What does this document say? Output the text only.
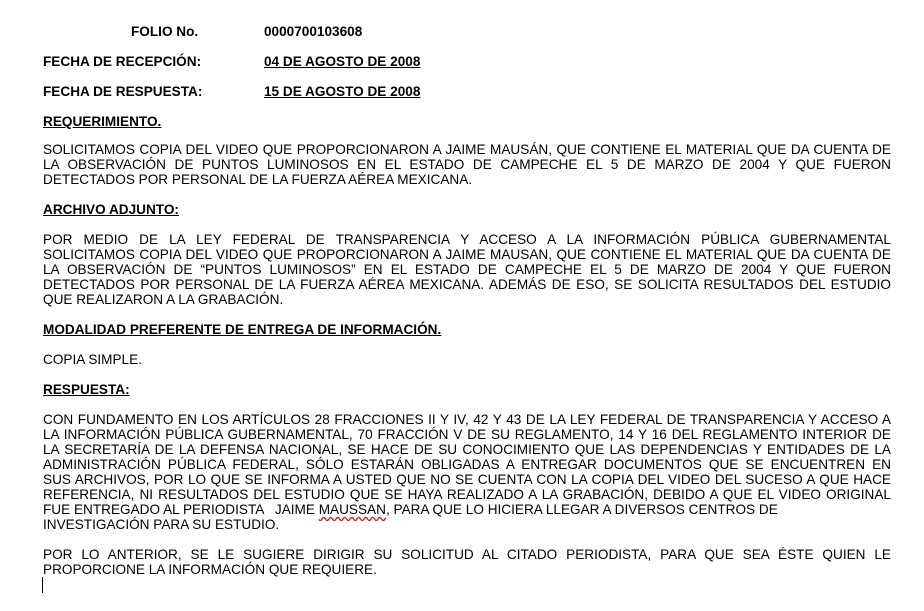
FOLIO No.	0000700103608
FECHA DE RECEPCIÓN:	04 DE AGOSTO DE 2008
FECHA DE RESPUESTA:	15 DE AGOSTO DE 2008
REQUERIMIENTO.
SOLICITAMOS COPIA DEL VIDEO QUE PROPORCIONARON A JAIME MAUSÁN, QUE CONTIENE EL MATERIAL QUE DA CUENTA DE
LA OBSERVACIÓN DE PUNTOS LUMINOSOS EN EL ESTADO DE CAMPECHE EL 5 DE MARZO DE 2004 Y QUE FUERON
DETECTADOS POR PERSONAL DE LA FUERZA AÉREA MEXICANA.
ARCHIVO ADJUNTO:
POR MEDIO DE LA LEY FEDERAL DE TRANSPARENCIA Y ACCESO A LA INFORMACIÓN PÚBLICA GUBERNAMENTAL
SOLICITAMOS COPIA DEL VIDEO QUE PROPORCIONARON A JAIME MAUSAN, QUE CONTIENE EL MATERIAL QUE DA CUENTA DE
LA OBSERVACIÓN DE “PUNTOS LUMINOSOS” EN EL ESTADO DE CAMPECHE EL 5 DE MARZO DE 2004 Y QUE FUERON
DETECTADOS POR PERSONAL DE LA FUERZA AÉREA MEXICANA. ADEMÁS DE ESO, SE SOLICITA RESULTADOS DEL ESTUDIO
QUE REALIZARON A LA GRABACIÓN.
MODALIDAD PREFERENTE DE ENTREGA DE INFORMACIÓN.
COPIA SIMPLE.
RESPUESTA:
CON FUNDAMENTO EN LOS ARTÍCULOS 28 FRACCIONES II Y IV, 42 Y 43 DE LA LEY FEDERAL DE TRANSPARENCIA Y ACCESO A
LA INFORMACIÓN PÚBLICA GUBERNAMENTAL, 70 FRACCIÓN V DE SU REGLAMENTO, 14 Y 16 DEL REGLAMENTO INTERIOR DE
LA SECRETARÍA DE LA DEFENSA NACIONAL, SE HACE DE SU CONOCIMIENTO QUE LAS DEPENDENCIAS Y ENTIDADES DE LA
ADMINISTRACIÓN PÚBLICA FEDERAL, SÓLO ESTARÁN OBLIGADAS A ENTREGAR DOCUMENTOS QUE SE ENCUENTREN EN
SUS ARCHIVOS, POR LO QUE SE INFORMA A USTED QUE NO SE CUENTA CON LA COPIA DEL VIDEO DEL SUCESO A QUE HACE
REFERENCIA, NI RESULTADOS DEL ESTUDIO QUE SE HAYA REALIZADO A LA GRABACIÓN, DEBIDO A QUE EL VIDEO ORIGINAL
FUE ENTREGADO AL PERIODISTA   JAIME MAUSSAN, PARA QUE LO HICIERA LLEGAR A DIVERSOS CENTROS DE
INVESTIGACIÓN PARA SU ESTUDIO.
POR LO ANTERIOR, SE LE SUGIERE DIRIGIR SU SOLICITUD AL CITADO PERIODISTA, PARA QUE SEA ÉSTE QUIEN LE
PROPORCIONE LA INFORMACIÓN QUE REQUIERE.
